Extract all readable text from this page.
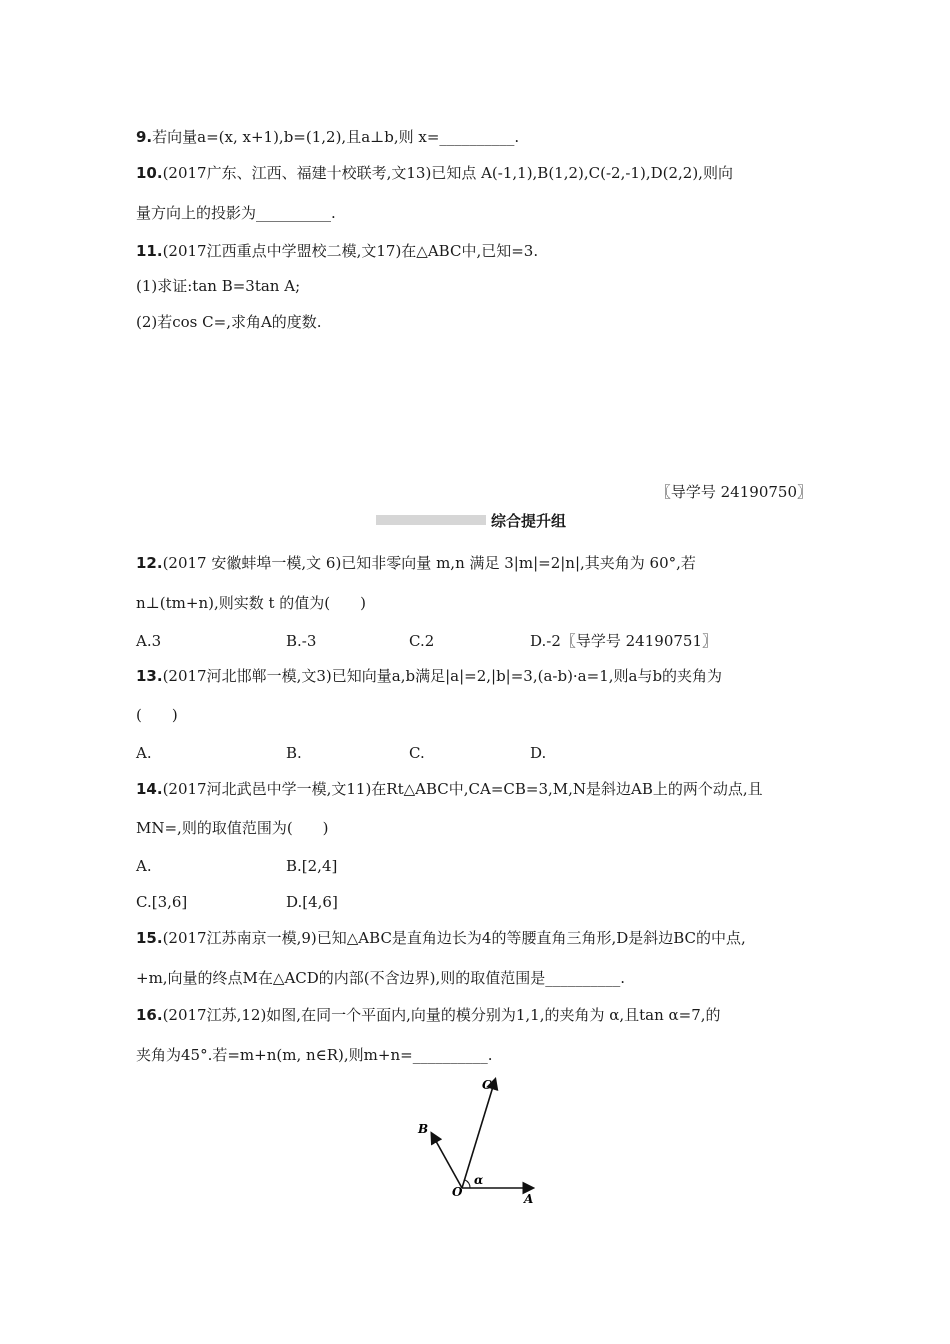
9.若向量a=(x, x+1),b=(1,2),且a⊥b,则 x=__________.
10.(2017广东、江西、福建十校联考,文13)已知点 A(-1,1),B(1,2),C(-2,-1),D(2,2),则向
量方向上的投影为__________.
11.(2017江西重点中学盟校二模,文17)在△ABC中,已知=3.
(1)求证:tan B=3tan A;
(2)若cos C=,求角A的度数.
〖导学号 24190750〗
综合提升组
12.(2017 安徽蚌埠一模,文 6)已知非零向量 m,n 满足 3|m|=2|n|,其夹角为 60°,若
n⊥(tm+n),则实数 t 的值为(　　)
A.3	B.-3	C.2	D.-2〖导学号 24190751〗
13.(2017河北邯郸一模,文3)已知向量a,b满足|a|=2,|b|=3,(a-b)·a=1,则a与b的夹角为
(　　)
A.	B.	C.	D.
14.(2017河北武邑中学一模,文11)在Rt△ABC中,CA=CB=3,M,N是斜边AB上的两个动点,且
MN=,则的取值范围为(　　)
A.	B.[2,4]
C.[3,6]	D.[4,6]
15.(2017江苏南京一模,9)已知△ABC是直角边长为4的等腰直角三角形,D是斜边BC的中点,
+m,向量的终点M在△ACD的内部(不含边界),则的取值范围是__________.
16.(2017江苏,12)如图,在同一个平面内,向量的模分别为1,1,的夹角为 α,且tan α=7,的
夹角为45°.若=m+n(m, n∈R),则m+n=__________.
O	A
B
C
α
